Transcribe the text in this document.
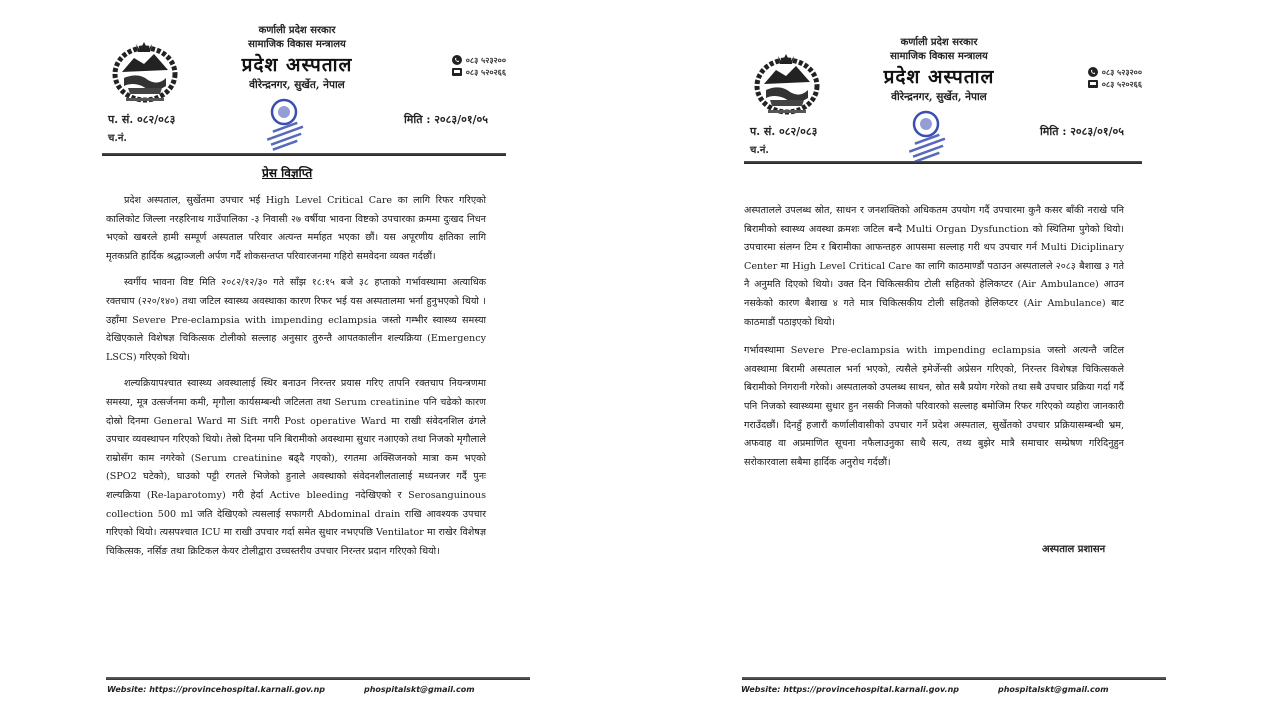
कर्णाली प्रदेश सरकार
सामाजिक विकास मन्त्रालय
प्रदेश अस्पताल
वीरेन्द्रनगर, सुर्खेत, नेपाल
०८३ ५२३२००
०८३ ५२०२६६
प. सं. ०८२/०८३
च.नं.
मिति : २०८३/०१/०५
प्रेस विज्ञप्ति

प्रदेश अस्पताल, सुर्खेतमा उपचार भई High Level Critical Care का लागि रिफर गरिएको कालिकोट जिल्ला नरहरिनाथ गाउँपालिका -३ निवासी २७ वर्षीया भावना विष्टको उपचारका क्रममा दुःखद निधन भएको खबरले हामी सम्पूर्ण अस्पताल परिवार अत्यन्त मर्माहत भएका छौं। यस अपूरणीय क्षतिका लागि मृतकप्रति हार्दिक श्रद्धाञ्जली अर्पण गर्दै शोकसन्तप्त परिवारजनमा गहिरो समवेदना व्यक्त गर्दछौं।

स्वर्गीय भावना विष्ट मिति २०८२/१२/३० गते साँझ १८:१५ बजे ३८ हप्ताको गर्भावस्थामा अत्याधिक रक्तचाप (२२०/१४०) तथा जटिल स्वास्थ्य अवस्थाका कारण रिफर भई यस अस्पतालमा भर्ना हुनुभएको थियो । उहाँमा Severe Pre-eclampsia with impending eclampsia जस्तो गम्भीर स्वास्थ्य समस्या देखिएकाले विशेषज्ञ चिकित्सक टोलीको सल्लाह अनुसार तुरुन्तै आपतकालीन शल्यक्रिया (Emergency LSCS) गरिएको थियो।

शल्यक्रियापश्चात स्वास्थ्य अवस्थालाई स्थिर बनाउन निरन्तर प्रयास गरिए तापनि रक्तचाप नियन्त्रणमा समस्या, मूत्र उत्सर्जनमा कमी, मृगौला कार्यसम्बन्धी जटिलता तथा Serum creatinine पनि चढेको कारण दोस्रो दिनमा General Ward मा Sift नगरी Post operative Ward मा राखी संवेदनशिल ढंगले उपचार व्यवस्थापन गरिएको थियो। तेस्रो दिनमा पनि बिरामीको अवस्थामा सुधार नआएको तथा निजको मृगौलाले राम्रोसँग काम नगरेको (Serum creatinine बढ्दै गएको), रगतमा अक्सिजनको मात्रा कम भएको (SPO2 घटेको), घाउको पट्टी रगतले भिजेको हुनाले अवस्थाको संवेदनशीलतालाई मध्यनजर गर्दै पुनः शल्यक्रिया (Re-laparotomy) गरी हेर्दा Active bleeding नदेखिएको र Serosanguinous collection 500 ml जति देखिएको त्यसलाई सफागरी Abdominal drain राखि आवश्यक उपचार गरिएको थियो। त्यसपश्चात ICU मा राखी उपचार गर्दा समेत सुधार नभएपछि Ventilator मा राखेर विशेषज्ञ चिकित्सक, नर्सिङ तथा क्रिटिकल केयर टोलीद्वारा उच्चस्तरीय उपचार निरन्तर प्रदान गरिएको थियो।

Website: https://provincehospital.karnali.gov.np	phospitalskt@gmail.com
कर्णाली प्रदेश सरकार
सामाजिक विकास मन्त्रालय
प्रदेश अस्पताल
वीरेन्द्रनगर, सुर्खेत, नेपाल
०८३ ५२३२००
०८३ ५२०२६६
प. सं. ०८२/०८३
च.नं.
मिति : २०८३/०१/०५

अस्पतालले उपलब्ध स्रोत, साधन र जनशक्तिको अधिकतम उपयोग गर्दै उपचारमा कुनै कसर बाँकी नराखे पनि बिरामीको स्वास्थ्य अवस्था क्रमशः जटिल बन्दै Multi Organ Dysfunction को स्थितिमा पुगेको थियो। उपचारमा संलग्न टिम र बिरामीका आफन्तहरु आपसमा सल्लाह गरी थप उपचार गर्न Multi Diciplinary Center मा High Level Critical Care का लागि काठमाण्डौं पठाउन अस्पतालले २०८३ बैशाख ३ गते नै अनुमति दिएको थियो। उक्त दिन चिकित्सकीय टोली सहितको हेलिकप्टर (Air Ambulance) आउन नसकेको कारण बैशाख ४ गते मात्र चिकित्सकीय टोली सहितको हेलिकप्टर (Air Ambulance) बाट काठमाडौं पठाइएको थियो।

गर्भावस्थामा Severe Pre-eclampsia with impending eclampsia जस्तो अत्यन्तै जटिल अवस्थामा बिरामी अस्पताल भर्ना भएको, त्यसैले इमेर्जेन्सी अप्रेसन गरिएको, निरन्तर विशेषज्ञ चिकित्सकले बिरामीको निगरानी गरेको। अस्पतालको उपलब्ध साधन, स्रोत सबै प्रयोग गरेको तथा सबै उपचार प्रक्रिया गर्दा गर्दै पनि निजको स्वास्थ्यमा सुधार हुन नसकी निजको परिवारको सल्लाह बमोजिम रिफर गरिएको व्यहोरा जानकारी गराउँदछौं। दिनहुँ हजारौं कर्णालीवासीको उपचार गर्ने प्रदेश अस्पताल, सुर्खेतको उपचार प्रक्रियासम्बन्धी भ्रम, अफवाह वा अप्रमाणित सूचना नफैलाउनुका साथै सत्य, तथ्य बुझेर मात्रै समाचार सम्प्रेषण गरिदिनुहुन सरोकारवाला सबैमा हार्दिक अनुरोध गर्दछौं।

अस्पताल प्रशासन
Website: https://provincehospital.karnali.gov.np	phospitalskt@gmail.com
